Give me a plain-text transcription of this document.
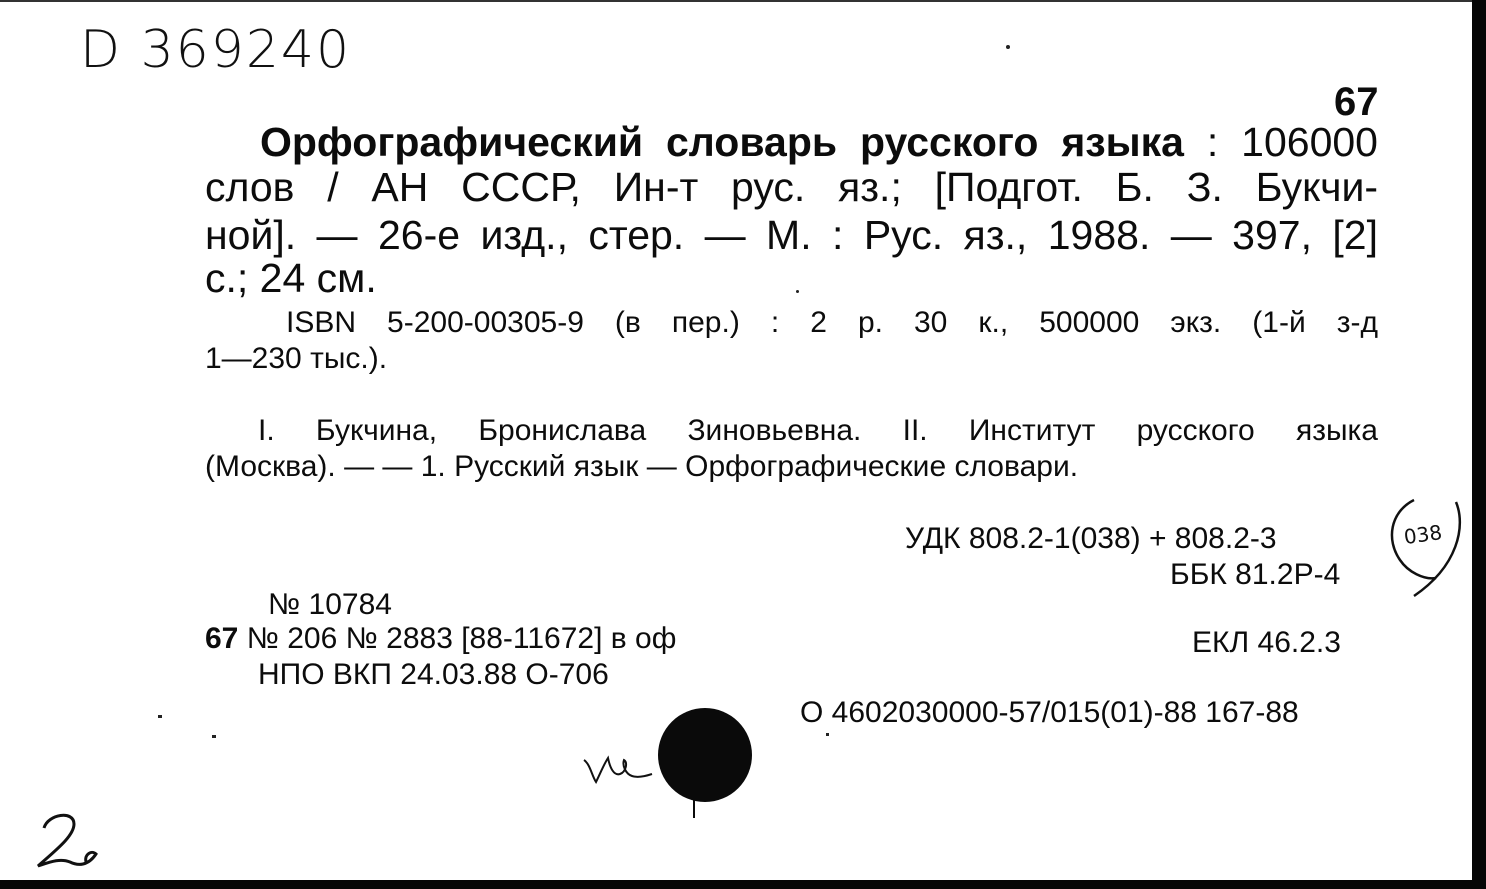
D 369240
67
Орфографический словарь русского языка : 106000
слов / АН СССР, Ин-т рус. яз.; [Подгот. Б. З. Букчи-
ной]. — 26-е изд., стер. — М. : Рус. яз., 1988. — 397, [2]
с.; 24 см.
ISBN 5-200-00305-9 (в пер.) : 2 р. 30 к., 500000 экз. (1-й з-д
1—230 тыс.).
I. Букчина, Бронислава Зиновьевна. II. Институт русского языка
(Москва). — — 1. Русский язык — Орфографические словари.
УДК 808.2-1(038) + 808.2-3
ББК 81.2Р-4
ЕКЛ 46.2.3
О 4602030000-57/015(01)-88 167-88
№ 10784
67 № 206 № 2883 [88-11672] в оф
НПО ВКП 24.03.88 О-706
038
